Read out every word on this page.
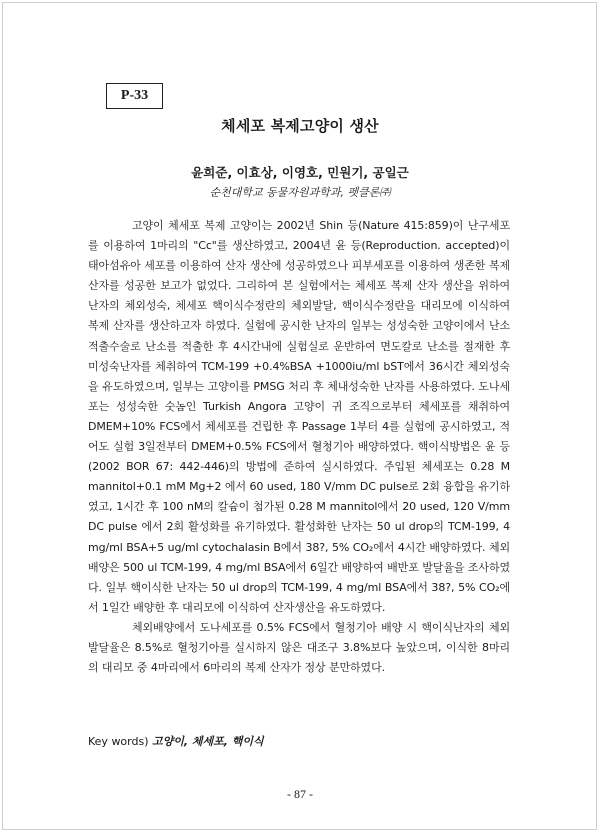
P-33
체세포 복제고양이 생산
윤희준, 이효상, 이영호, 민원기, 공일근
순천대학교 동물자원과학과, 펫클론㈜

고양이 체세포 복제 고양이는 2002년 Shin 등(Nature 415:859)이 난구세포를 이용하여 1마리의 "Cc"를 생산하였고, 2004년 윤 등(Reproduction. accepted)이 태아섬유아 세포를 이용하여 산자 생산에 성공하였으나 피부세포를 이용하여 생존한 복제산자를 성공한 보고가 없었다. 그리하여 본 실험에서는 체세포 복제 산자 생산을 위하여 난자의 체외성숙, 체세포 핵이식수정란의 체외발달, 핵이식수정란을 대리모에 이식하여 복제 산자를 생산하고자 하였다. 실험에 공시한 난자의 일부는 성성숙한 고양이에서 난소적출수술로 난소를 적출한 후 4시간내에 실험실로 운반하여 면도칼로 난소를 절재한 후 미성숙난자를 체취하여 TCM-199 +0.4%BSA +1000iu/ml bST에서 36시간 체외성숙을 유도하였으며, 일부는 고양이를 PMSG 처리 후 체내성숙한 난자를 사용하였다. 도나세포는 성성숙한 숫놈인 Turkish Angora 고양이 귀 조직으로부터 체세포를 채취하여 DMEM+10% FCS에서 체세포를 건립한 후 Passage 1부터 4를 실험에 공시하였고, 적어도 실험 3일전부터 DMEM+0.5% FCS에서 혈청기아 배양하였다. 핵이식방법은 윤 등(2002 BOR 67: 442-446)의 방법에 준하여 실시하였다. 주입된 체세포는 0.28 M mannitol+0.1 mM Mg+2 에서 60 used, 180 V/mm DC pulse로 2회 융합을 유기하였고, 1시간 후 100 nM의 칼슘이 첨가된 0.28 M mannitol에서 20 used, 120 V/mm DC pulse 에서 2회 활성화를 유기하였다. 활성화한 난자는 50 ul drop의 TCM-199, 4 mg/ml BSA+5 ug/ml cytochalasin B에서 38?, 5% CO₂에서 4시간 배양하였다. 체외배양은 500 ul TCM-199, 4 mg/ml BSA에서 6일간 배양하여 배반포 발달율을 조사하였다. 일부 핵이식한 난자는 50 ul drop의 TCM-199, 4 mg/ml BSA에서 38?, 5% CO₂에서 1일간 배양한 후 대리모에 이식하여 산자생산을 유도하였다.

체외배양에서 도나세포를 0.5% FCS에서 혈청기아 배양 시 핵이식난자의 체외발달율은 8.5%로 혈청기아를 실시하지 않은 대조구 3.8%보다 높았으며, 이식한 8마리의 대리모 중 4마리에서 6마리의 복제 산자가 정상 분만하였다.

Key words) 고양이, 체세포, 핵이식
- 87 -
